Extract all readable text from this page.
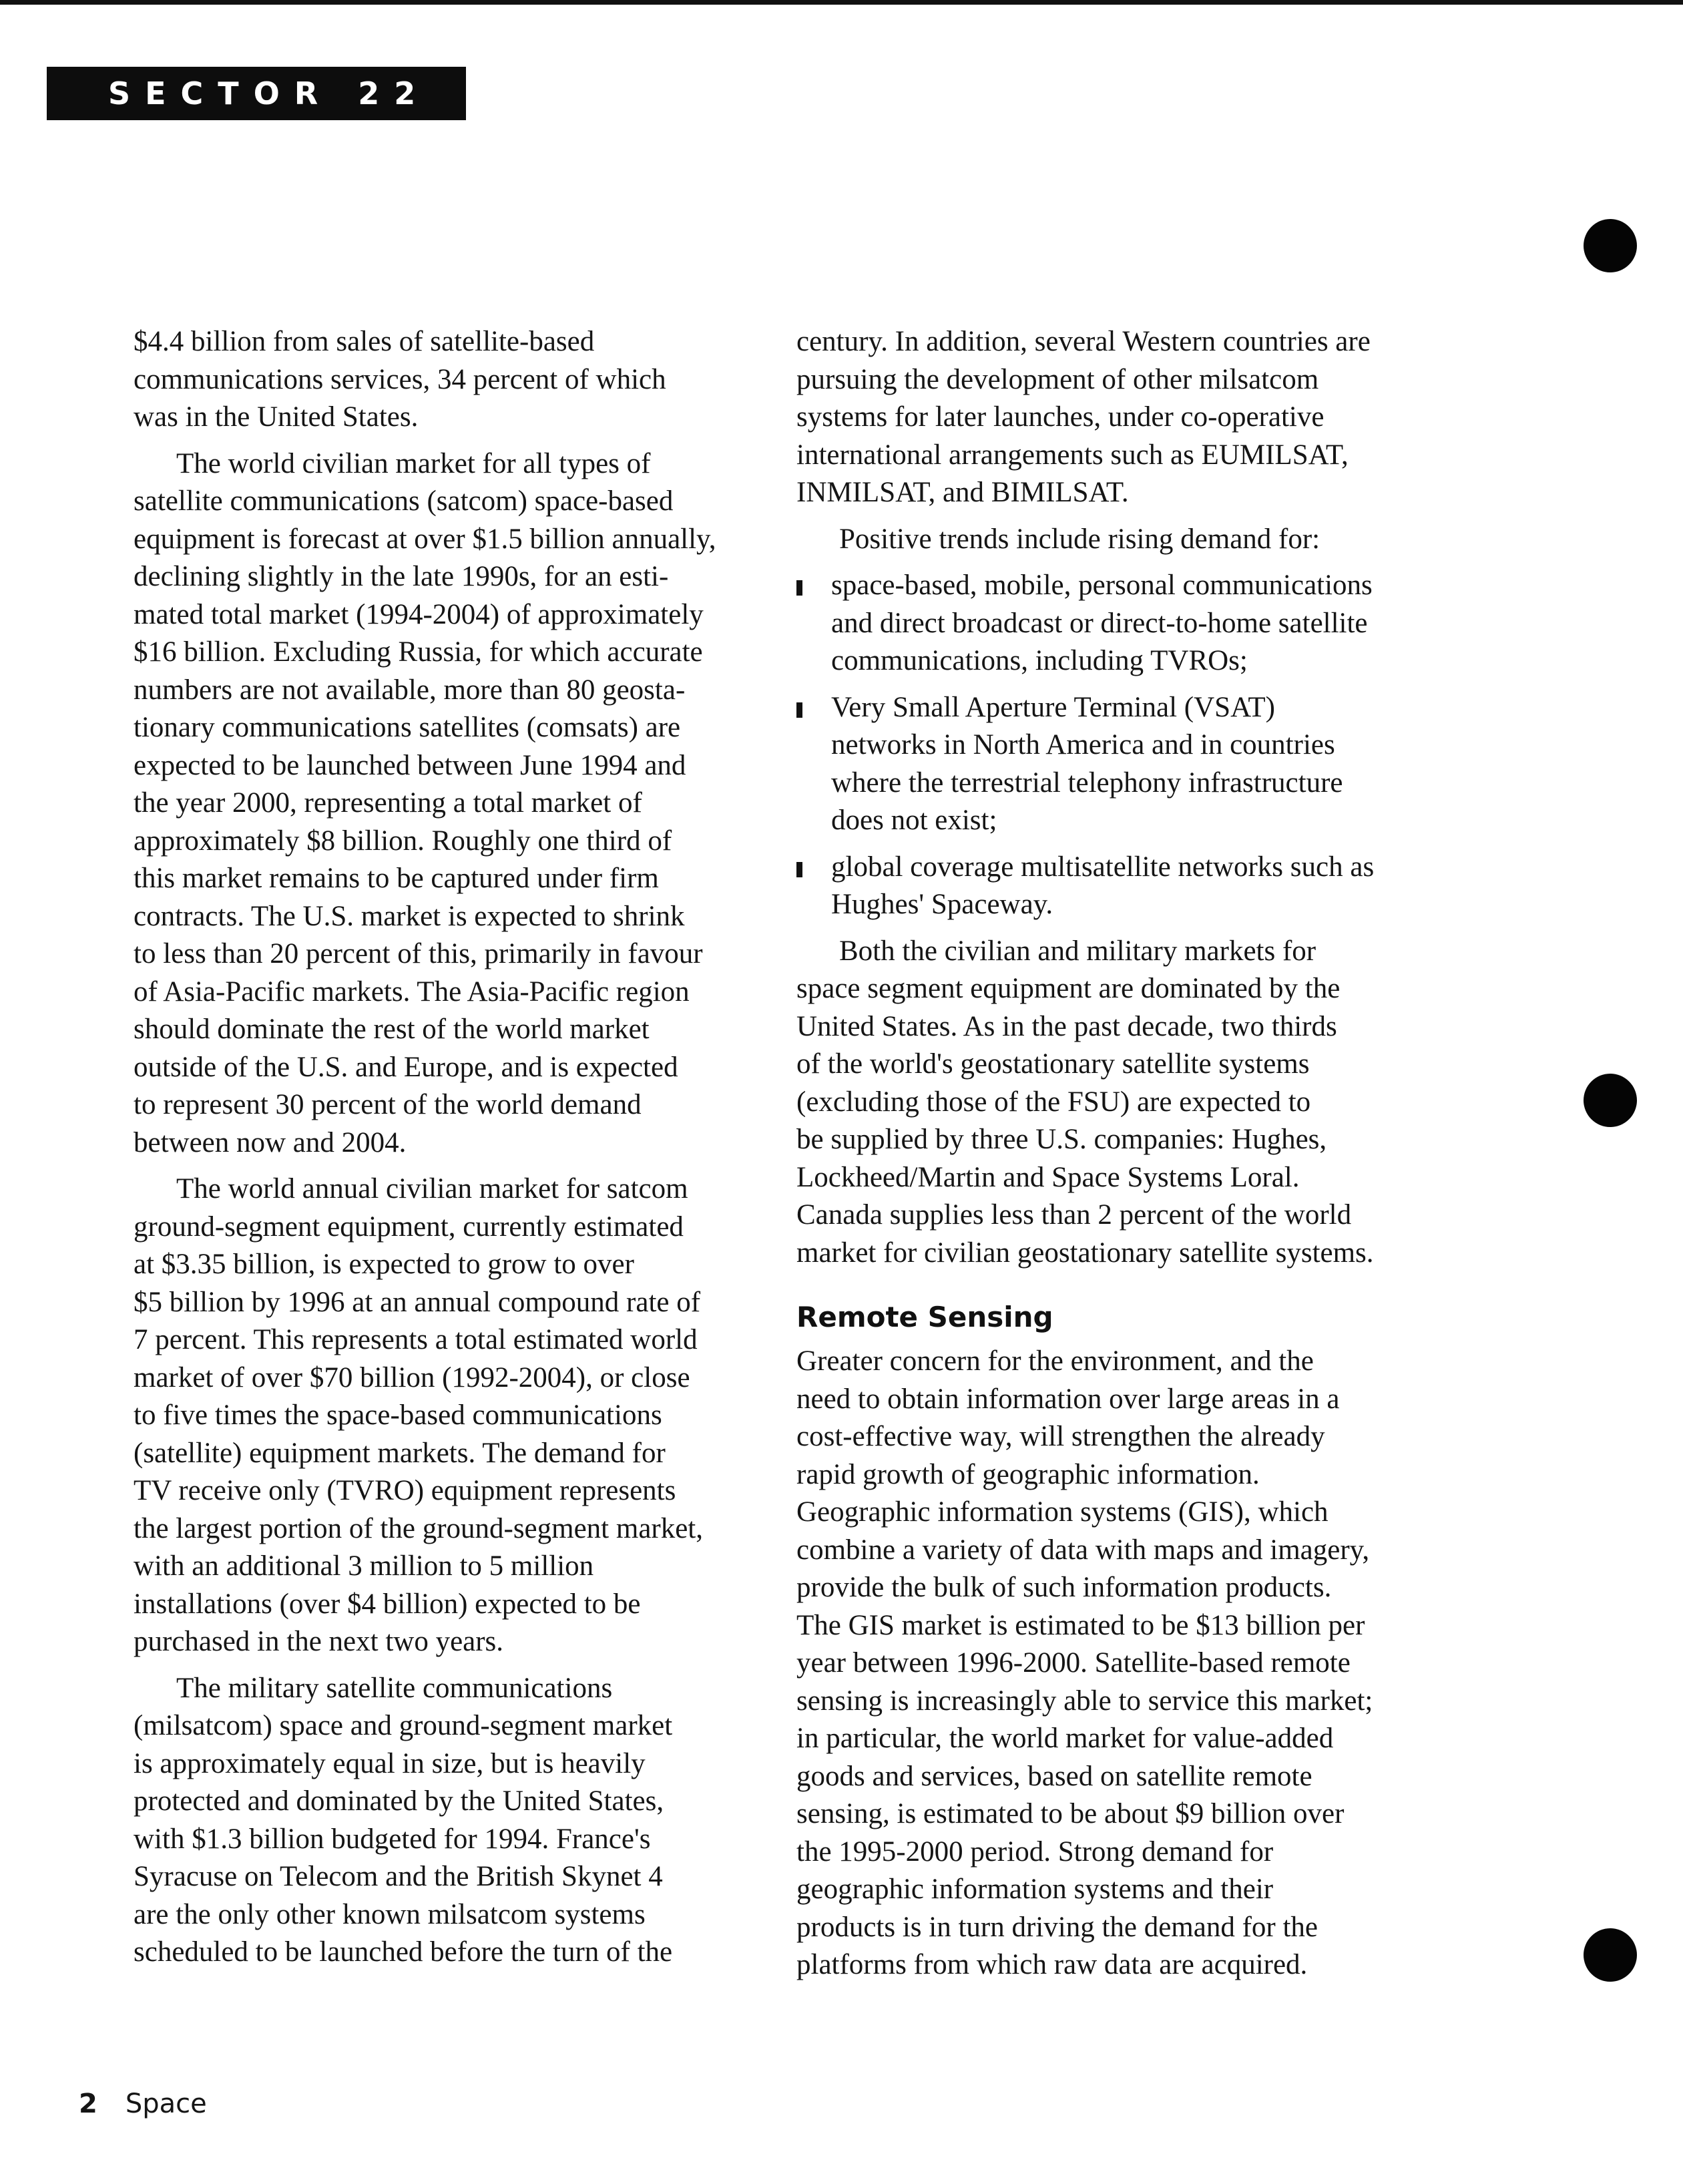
SECTOR 22

$4.4 billion from sales of satellite-based
communications services, 34 percent of which
was in the United States.

The world civilian market for all types of
satellite communications (satcom) space-based
equipment is forecast at over $1.5 billion annually,
declining slightly in the late 1990s, for an esti-
mated total market (1994-2004) of approximately
$16 billion. Excluding Russia, for which accurate
numbers are not available, more than 80 geosta-
tionary communications satellites (comsats) are
expected to be launched between June 1994 and
the year 2000, representing a total market of
approximately $8 billion. Roughly one third of
this market remains to be captured under firm
contracts. The U.S. market is expected to shrink
to less than 20 percent of this, primarily in favour
of Asia-Pacific markets. The Asia-Pacific region
should dominate the rest of the world market
outside of the U.S. and Europe, and is expected
to represent 30 percent of the world demand
between now and 2004.

The world annual civilian market for satcom
ground-segment equipment, currently estimated
at $3.35 billion, is expected to grow to over
$5 billion by 1996 at an annual compound rate of
7 percent. This represents a total estimated world
market of over $70 billion (1992-2004), or close
to five times the space-based communications
(satellite) equipment markets. The demand for
TV receive only (TVRO) equipment represents
the largest portion of the ground-segment market,
with an additional 3 million to 5 million
installations (over $4 billion) expected to be
purchased in the next two years.

The military satellite communications
(milsatcom) space and ground-segment market
is approximately equal in size, but is heavily
protected and dominated by the United States,
with $1.3 billion budgeted for 1994. France's
Syracuse on Telecom and the British Skynet 4
are the only other known milsatcom systems
scheduled to be launched before the turn of the

century. In addition, several Western countries are
pursuing the development of other milsatcom
systems for later launches, under co-operative
international arrangements such as EUMILSAT,
INMILSAT, and BIMILSAT.

Positive trends include rising demand for:

space-based, mobile, personal communications
and direct broadcast or direct-to-home satellite
communications, including TVROs;
Very Small Aperture Terminal (VSAT)
networks in North America and in countries
where the terrestrial telephony infrastructure
does not exist;
global coverage multisatellite networks such as
Hughes' Spaceway.

Both the civilian and military markets for
space segment equipment are dominated by the
United States. As in the past decade, two thirds
of the world's geostationary satellite systems
(excluding those of the FSU) are expected to
be supplied by three U.S. companies: Hughes,
Lockheed/Martin and Space Systems Loral.
Canada supplies less than 2 percent of the world
market for civilian geostationary satellite systems.

Remote Sensing

Greater concern for the environment, and the
need to obtain information over large areas in a
cost-effective way, will strengthen the already
rapid growth of geographic information.
Geographic information systems (GIS), which
combine a variety of data with maps and imagery,
provide the bulk of such information products.
The GIS market is estimated to be $13 billion per
year between 1996-2000. Satellite-based remote
sensing is increasingly able to service this market;
in particular, the world market for value-added
goods and services, based on satellite remote
sensing, is estimated to be about $9 billion over
the 1995-2000 period. Strong demand for
geographic information systems and their
products is in turn driving the demand for the
platforms from which raw data are acquired.

2 Space
